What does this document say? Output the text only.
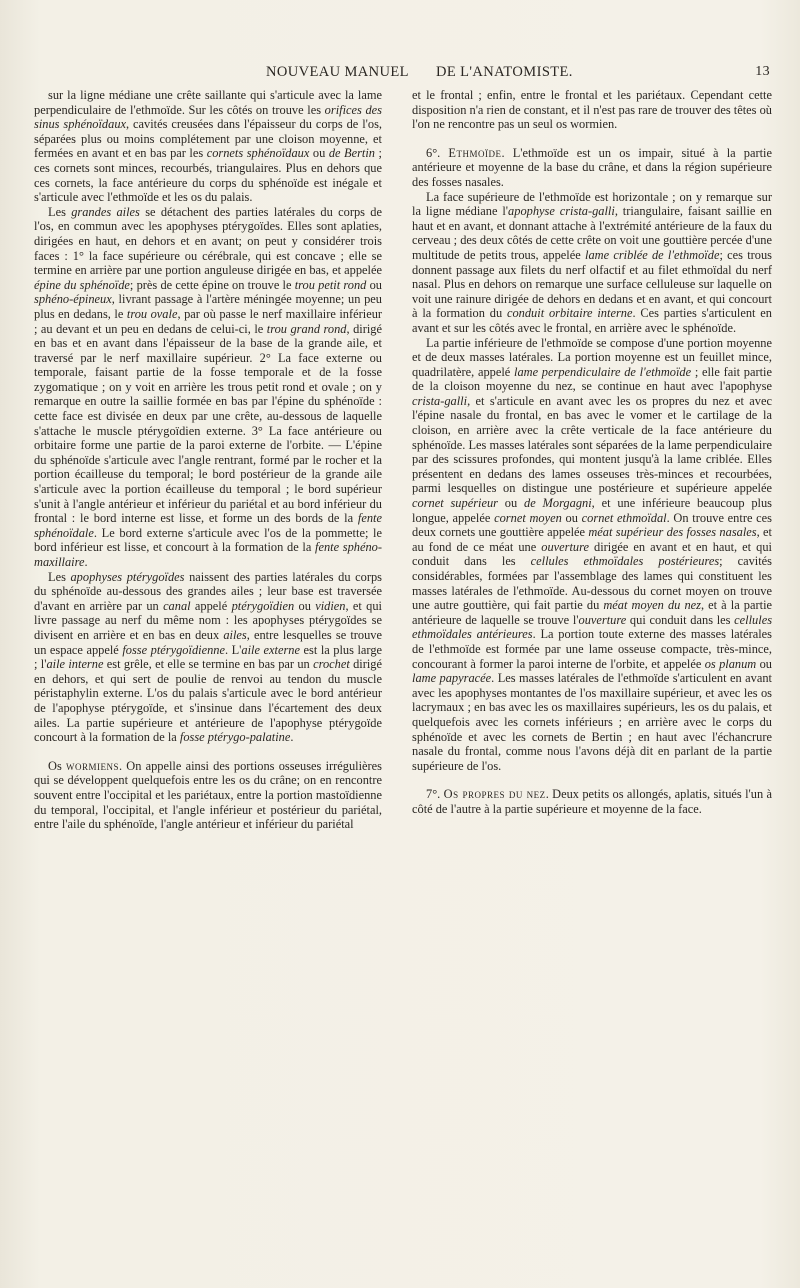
NOUVEAU MANUEL DE L'ANATOMISTE.	13

sur la ligne médiane une crête saillante qui s'articule avec la lame perpendiculaire de l'ethmoïde. Sur les côtés on trouve les orifices des sinus sphénoïdaux, cavités creusées dans l'épaisseur du corps de l'os, séparées plus ou moins complétement par une cloison moyenne, et fermées en avant et en bas par les cornets sphénoïdaux ou de Bertin ; ces cornets sont minces, recourbés, triangulaires. Plus en dehors que ces cornets, la face antérieure du corps du sphénoïde est inégale et s'articule avec l'ethmoïde et les os du palais.

Les grandes ailes se détachent des parties latérales du corps de l'os, en commun avec les apophyses ptérygoïdes. Elles sont aplaties, dirigées en haut, en dehors et en avant; on peut y considérer trois faces : 1° la face supérieure ou cérébrale, qui est concave ; elle se termine en arrière par une portion anguleuse dirigée en bas, et appelée épine du sphénoïde; près de cette épine on trouve le trou petit rond ou sphéno-épineux, livrant passage à l'artère méningée moyenne; un peu plus en dedans, le trou ovale, par où passe le nerf maxillaire inférieur ; au devant et un peu en dedans de celui-ci, le trou grand rond, dirigé en bas et en avant dans l'épaisseur de la base de la grande aile, et traversé par le nerf maxillaire supérieur. 2° La face externe ou temporale, faisant partie de la fosse temporale et de la fosse zygomatique ; on y voit en arrière les trous petit rond et ovale ; on y remarque en outre la saillie formée en bas par l'épine du sphénoïde : cette face est divisée en deux par une crête, au-dessous de laquelle s'attache le muscle ptérygoïdien externe. 3° La face antérieure ou orbitaire forme une partie de la paroi externe de l'orbite. — L'épine du sphénoïde s'articule avec l'angle rentrant, formé par le rocher et la portion écailleuse du temporal; le bord postérieur de la grande aile s'articule avec la portion écailleuse du temporal ; le bord supérieur s'unit à l'angle antérieur et inférieur du pariétal et au bord inférieur du frontal : le bord interne est lisse, et forme un des bords de la fente sphénoïdale. Le bord externe s'articule avec l'os de la pommette; le bord inférieur est lisse, et concourt à la formation de la fente sphéno-maxillaire.

Les apophyses ptérygoïdes naissent des parties latérales du corps du sphénoïde au-dessous des grandes ailes ; leur base est traversée d'avant en arrière par un canal appelé ptérygoïdien ou vidien, et qui livre passage au nerf du même nom : les apophyses ptérygoïdes se divisent en arrière et en bas en deux ailes, entre lesquelles se trouve un espace appelé fosse ptérygoïdienne. L'aile externe est la plus large ; l'aile interne est grêle, et elle se termine en bas par un crochet dirigé en dehors, et qui sert de poulie de renvoi au tendon du muscle péristaphylin externe. L'os du palais s'articule avec le bord antérieur de l'apophyse ptérygoïde, et s'insinue dans l'écartement des deux ailes. La partie supérieure et antérieure de l'apophyse ptérygoïde concourt à la formation de la fosse ptérygo-palatine.

Os wormiens. On appelle ainsi des portions osseuses irrégulières qui se développent quelquefois entre les os du crâne; on en rencontre souvent entre l'occipital et les pariétaux, entre la portion mastoïdienne du temporal, l'occipital, et l'angle inférieur et postérieur du pariétal, entre l'aile du sphénoïde, l'angle antérieur et inférieur du pariétal

et le frontal ; enfin, entre le frontal et les pariétaux. Cependant cette disposition n'a rien de constant, et il n'est pas rare de trouver des têtes où l'on ne rencontre pas un seul os wormien.

6°. Ethmoïde. L'ethmoïde est un os impair, situé à la partie antérieure et moyenne de la base du crâne, et dans la région supérieure des fosses nasales.

La face supérieure de l'ethmoïde est horizontale ; on y remarque sur la ligne médiane l'apophyse crista-galli, triangulaire, faisant saillie en haut et en avant, et donnant attache à l'extrémité antérieure de la faux du cerveau ; des deux côtés de cette crête on voit une gouttière percée d'une multitude de petits trous, appelée lame criblée de l'ethmoïde; ces trous donnent passage aux filets du nerf olfactif et au filet ethmoïdal du nerf nasal. Plus en dehors on remarque une surface celluleuse sur laquelle on voit une rainure dirigée de dehors en dedans et en avant, et qui concourt à la formation du conduit orbitaire interne. Ces parties s'articulent en avant et sur les côtés avec le frontal, en arrière avec le sphénoïde.

La partie inférieure de l'ethmoïde se compose d'une portion moyenne et de deux masses latérales. La portion moyenne est un feuillet mince, quadrilatère, appelé lame perpendiculaire de l'ethmoïde ; elle fait partie de la cloison moyenne du nez, se continue en haut avec l'apophyse crista-galli, et s'articule en avant avec les os propres du nez et avec l'épine nasale du frontal, en bas avec le vomer et le cartilage de la cloison, en arrière avec la crête verticale de la face antérieure du sphénoïde. Les masses latérales sont séparées de la lame perpendiculaire par des scissures profondes, qui montent jusqu'à la lame criblée. Elles présentent en dedans des lames osseuses très-minces et recourbées, parmi lesquelles on distingue une postérieure et supérieure appelée cornet supérieur ou de Morgagni, et une inférieure beaucoup plus longue, appelée cornet moyen ou cornet ethmoïdal. On trouve entre ces deux cornets une gouttière appelée méat supérieur des fosses nasales, et au fond de ce méat une ouverture dirigée en avant et en haut, et qui conduit dans les cellules ethmoïdales postérieures; cavités considérables, formées par l'assemblage des lames qui constituent les masses latérales de l'ethmoïde. Au-dessous du cornet moyen on trouve une autre gouttière, qui fait partie du méat moyen du nez, et à la partie antérieure de laquelle se trouve l'ouverture qui conduit dans les cellules ethmoïdales antérieures. La portion toute externe des masses latérales de l'ethmoïde est formée par une lame osseuse compacte, très-mince, concourant à former la paroi interne de l'orbite, et appelée os planum ou lame papyracée. Les masses latérales de l'ethmoïde s'articulent en avant avec les apophyses montantes de l'os maxillaire supérieur, et avec les os lacrymaux ; en bas avec les os maxillaires supérieurs, les os du palais, et quelquefois avec les cornets inférieurs ; en arrière avec le corps du sphénoïde et avec les cornets de Bertin ; en haut avec l'échancrure nasale du frontal, comme nous l'avons déjà dit en parlant de la partie supérieure de l'os.

7°. Os propres du nez. Deux petits os allongés, aplatis, situés l'un à côté de l'autre à la partie supérieure et moyenne de la face.
